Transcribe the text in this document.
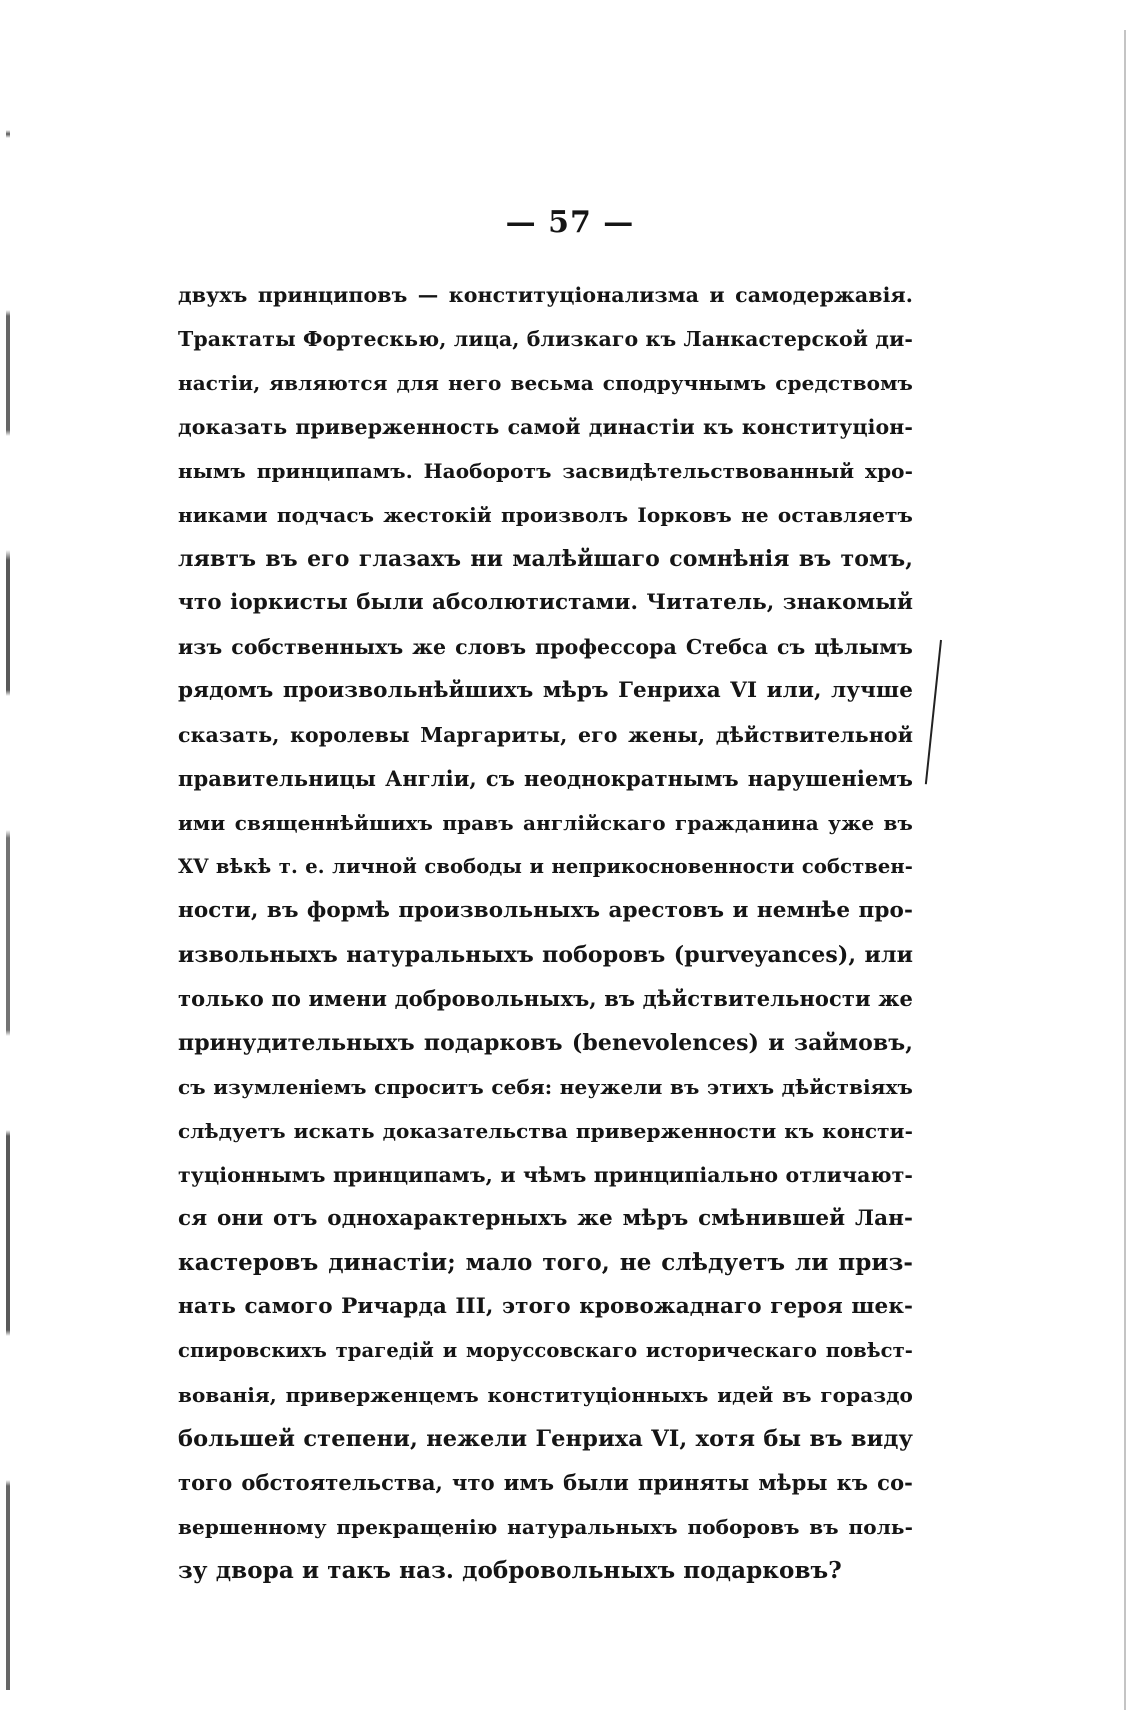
— 57 —
двухъ принциповъ — конституціонализма и самодержавія.
Трактаты Фортескью, лица, близкаго къ Ланкастерской ди-
настіи, являются для него весьма сподручнымъ средствомъ
доказать приверженность самой династіи къ конституціон-
нымъ принципамъ. Наоборотъ засвидѣтельствованный хро-
никами подчасъ жестокій произволъ Іорковъ не оставляетъ
лявтъ въ его глазахъ ни малѣйшаго сомнѣнія въ томъ,
что іоркисты были абсолютистами. Читатель, знакомый
изъ собственныхъ же словъ профессора Стебса съ цѣлымъ
рядомъ произвольнѣйшихъ мѣръ Генриха VI или, лучше
сказать, королевы Маргариты, его жены, дѣйствительной
правительницы Англіи, съ неоднократнымъ нарушеніемъ
ими священнѣйшихъ правъ англійскаго гражданина уже въ
XV вѣкѣ т. е. личной свободы и неприкосновенности собствен-
ности, въ формѣ произвольныхъ арестовъ и немнѣе про-
извольныхъ натуральныхъ поборовъ (purveyances), или
только по имени добровольныхъ, въ дѣйствительности же
принудительныхъ подарковъ (benevolences) и займовъ,
съ изумленіемъ спроситъ себя: неужели въ этихъ дѣйствіяхъ
слѣдуетъ искать доказательства приверженности къ консти-
туціоннымъ принципамъ, и чѣмъ принципіально отличают-
ся они отъ однохарактерныхъ же мѣръ смѣнившей Лан-
кастеровъ династіи; мало того, не слѣдуетъ ли приз-
нать самого Ричарда III, этого кровожаднаго героя шек-
спировскихъ трагедій и моруссовскаго историческаго повѣст-
вованія, приверженцемъ конституціонныхъ идей въ гораздо
большей степени, нежели Генриха VI, хотя бы въ виду
того обстоятельства, что имъ были приняты мѣры къ со-
вершенному прекращенію натуральныхъ поборовъ въ поль-
зу двора и такъ наз. добровольныхъ подарковъ?
